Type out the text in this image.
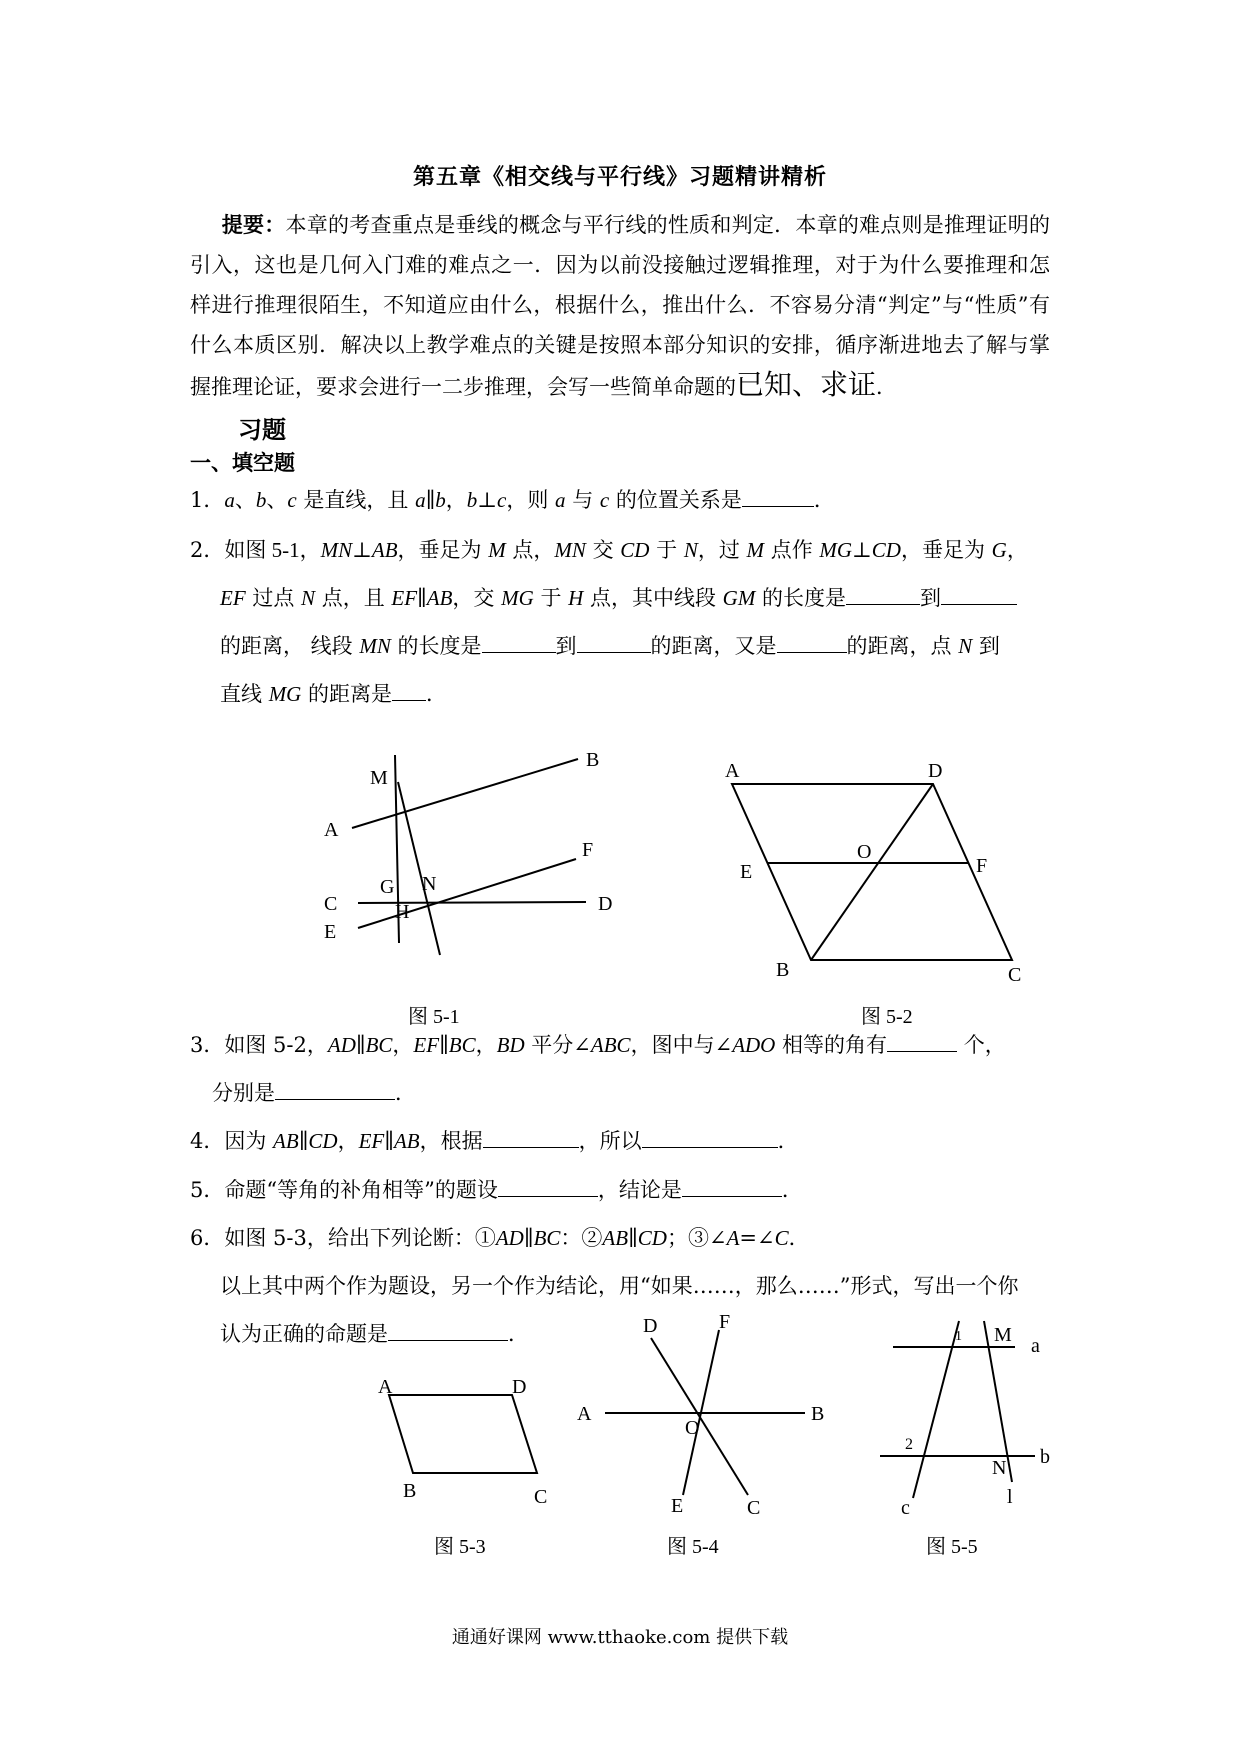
第五章《相交线与平行线》习题精讲精析
  提要：本章的考查重点是垂线的概念与平行线的性质和判定．本章的难点则是推理证明的引入，这也是几何入门难的难点之一．因为以前没接触过逻辑推理，对于为什么要推理和怎样进行推理很陌生，不知道应由什么，根据什么，推出什么．不容易分清“判定”与“性质”有什么本质区别．解决以上教学难点的关键是按照本部分知识的安排，循序渐进地去了解与掌握推理论证，要求会进行一二步推理，会写一些简单命题的已知、求证．
习题
一、填空题
1．a、b、c 是直线，且 a∥b，b⊥c，则 a 与 c 的位置关系是	．
2．如图 5-1，MN⊥AB，垂足为 M 点，MN 交 CD 于 N，过 M 点作 MG⊥CD，垂足为 G，
EF 过点 N 点，且 EF∥AB，交 MG 于 H 点，其中线段 GM 的长度是	到
的距离， 线段 MN 的长度是	到	的距离，又是	的距离，点 N 到
直线 MG 的距离是 ．
B
M
A
F
C
G N
D
H
E
图 5-1
A	D
E
O
F
B	C
图 5-2
3．如图 5-2，AD∥BC，EF∥BC，BD 平分∠ABC，图中与∠ADO 相等的角有	个，
分别是	．
4．因为 AB∥CD，EF∥AB，根据	，所以	．
5．命题“等角的补角相等”的题设	，结论是	．
6．如图 5-3，给出下列论断：①AD∥BC：②AB∥CD；③∠A=∠C．
以上其中两个作为题设，另一个作为结论，用“如果……，那么……”形式，写出一个你
认为正确的命题是	．
A	D
B	C
图 5-3
D	F
A
O
B
E	C
图 5-4
1 M a
2
b
N
c	l
图 5-5
通通好课网 www.tthaoke.com 提供下载
